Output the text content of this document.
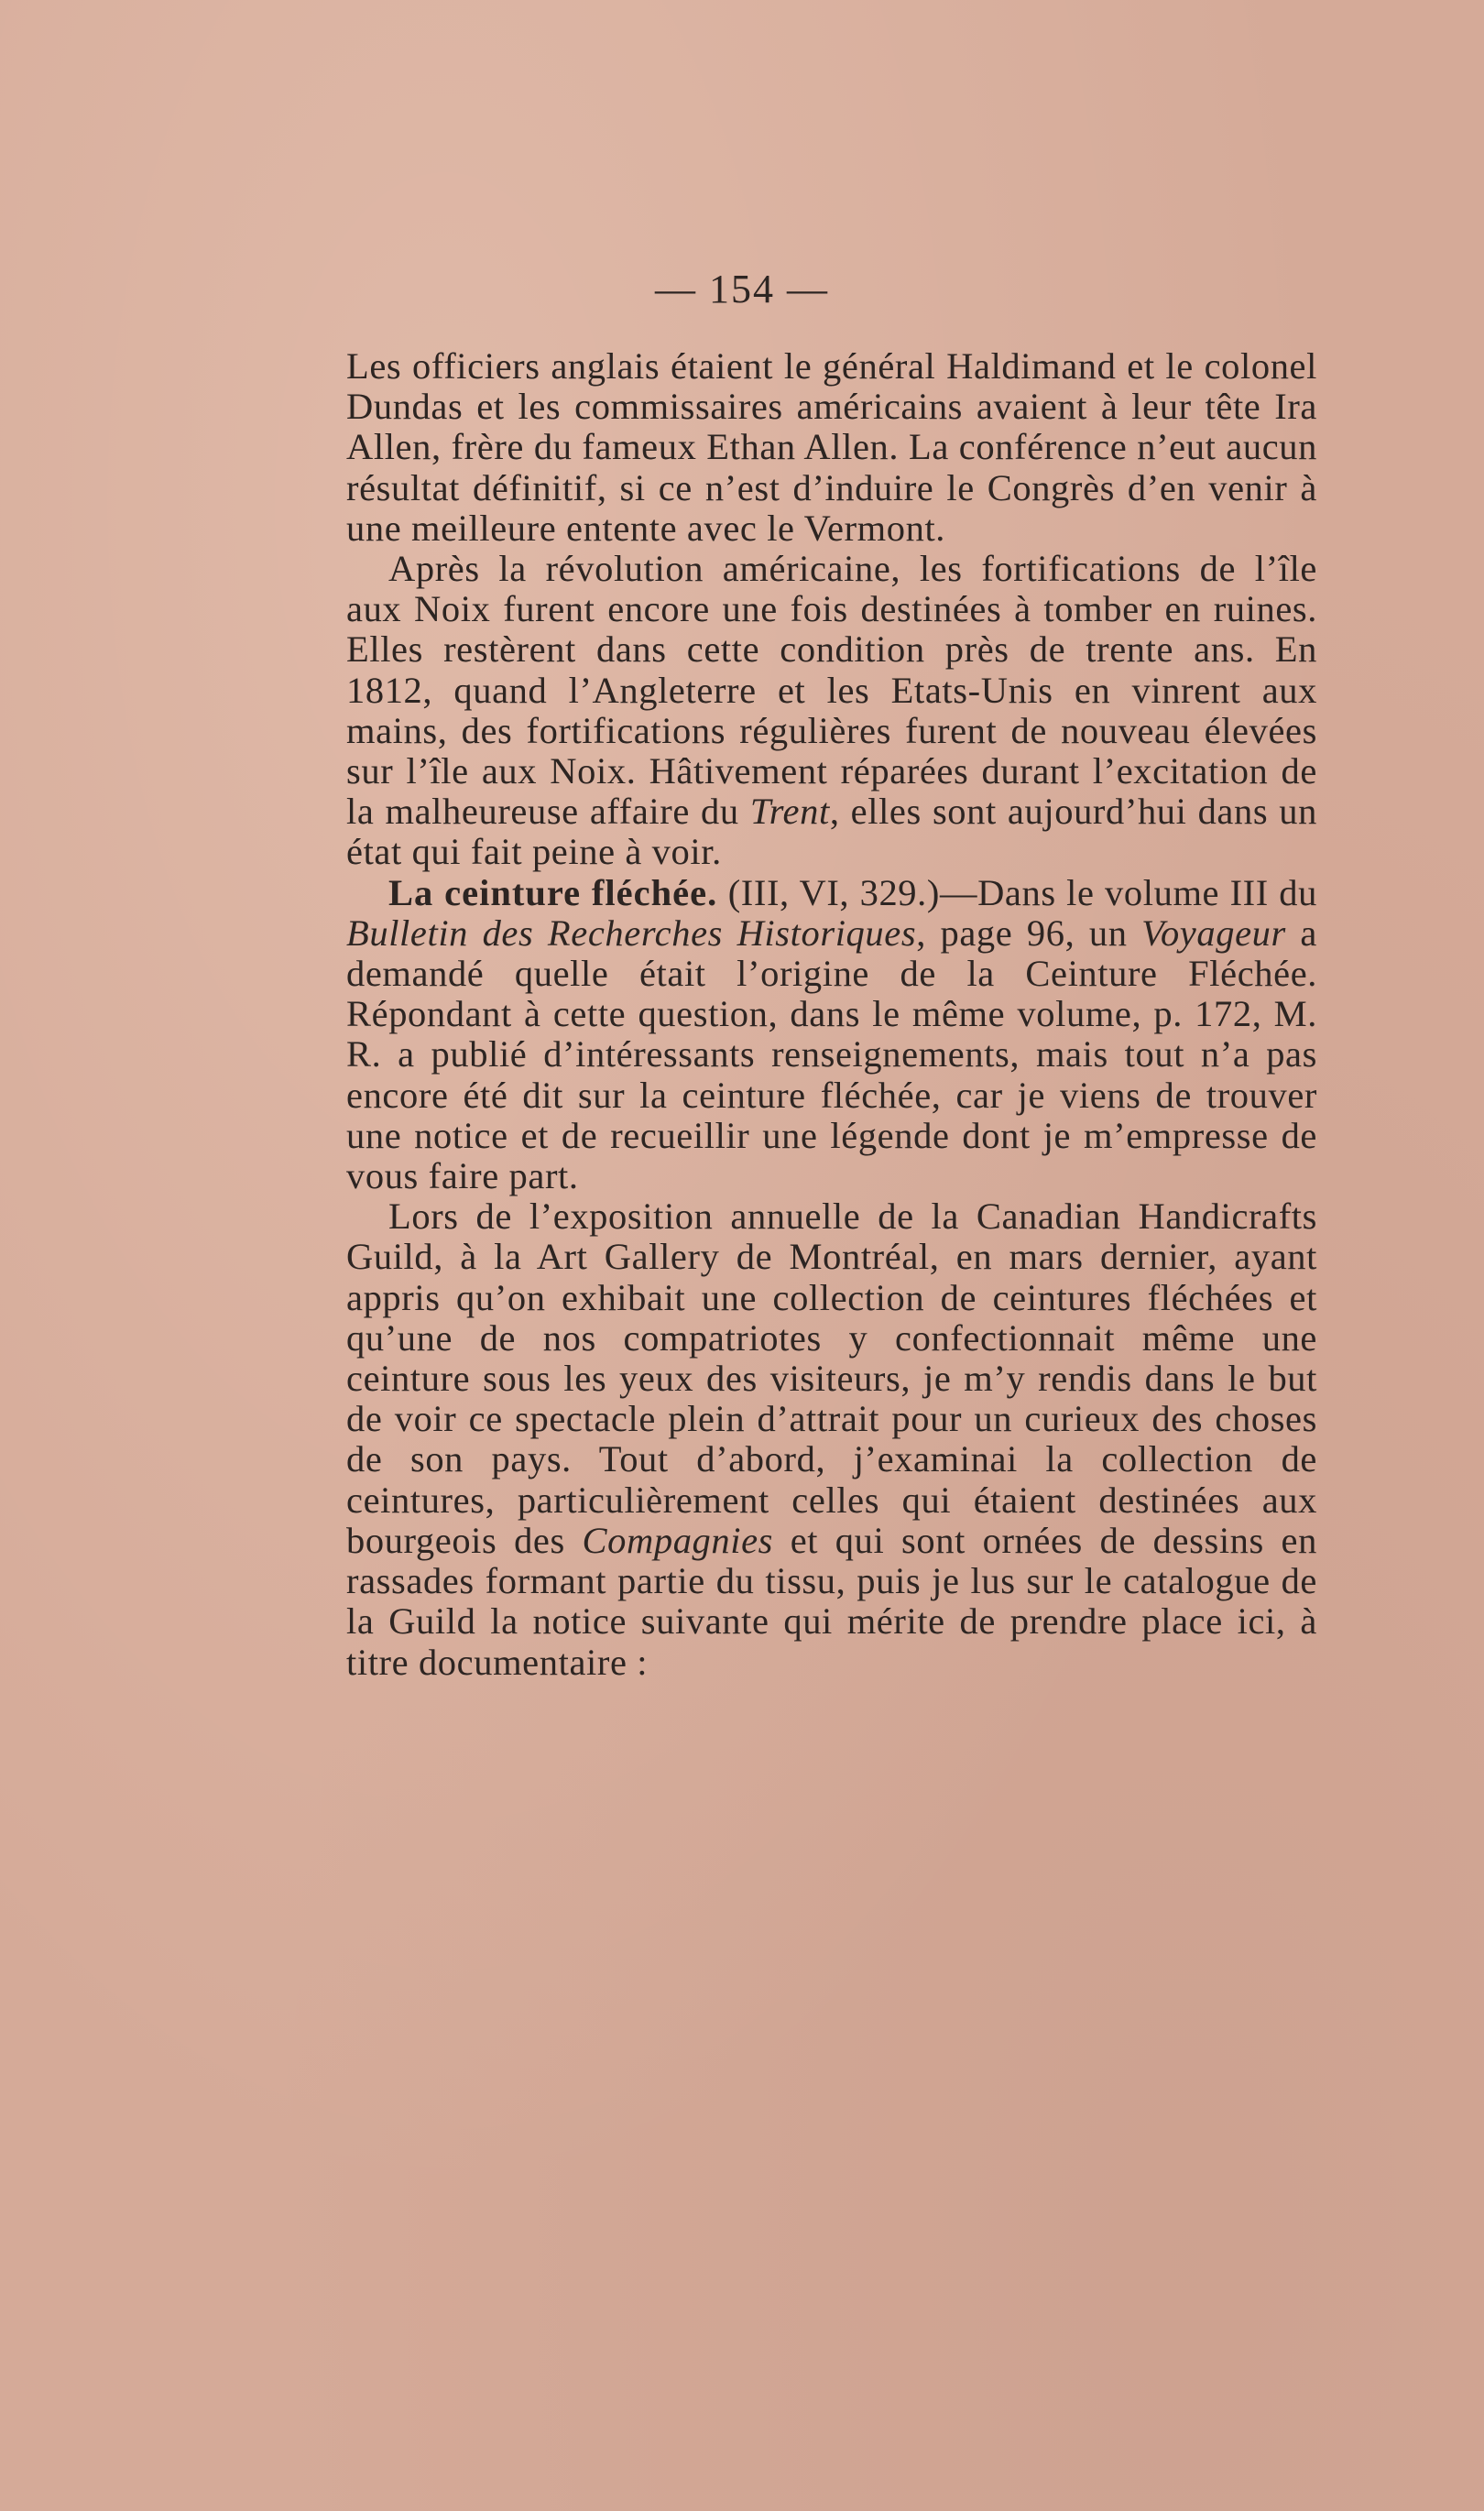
— 154 —

Les officiers anglais étaient le général Haldimand et le colonel Dundas et les commissaires américains avaient à leur tête Ira Allen, frère du fameux Ethan Allen. La conférence n’eut aucun résultat définitif, si ce n’est d’induire le Congrès d’en venir à une meilleure entente avec le Vermont.

Après la révolution américaine, les fortifications de l’île aux Noix furent encore une fois destinées à tomber en ruines. Elles restèrent dans cette condition près de trente ans. En 1812, quand l’Angleterre et les Etats-Unis en vinrent aux mains, des fortifications régulières furent de nouveau élevées sur l’île aux Noix. Hâtivement réparées durant l’excitation de la malheureuse affaire du Trent, elles sont aujourd’hui dans un état qui fait peine à voir.

La ceinture fléchée. (III, VI, 329.)—Dans le volume III du Bulletin des Recherches Historiques, page 96, un Voyageur a demandé quelle était l’origine de la Ceinture Fléchée. Répondant à cette question, dans le même volume, p. 172, M. R. a publié d’intéressants renseignements, mais tout n’a pas encore été dit sur la ceinture fléchée, car je viens de trouver une notice et de recueillir une légende dont je m’empresse de vous faire part.

Lors de l’exposition annuelle de la Canadian Handicrafts Guild, à la Art Gallery de Montréal, en mars dernier, ayant appris qu’on exhibait une collection de ceintures fléchées et qu’une de nos compatriotes y confectionnait même une ceinture sous les yeux des visiteurs, je m’y rendis dans le but de voir ce spectacle plein d’attrait pour un curieux des choses de son pays. Tout d’abord, j’examinai la collection de ceintures, particulièrement celles qui étaient destinées aux bourgeois des Compagnies et qui sont ornées de dessins en rassades formant partie du tissu, puis je lus sur le catalogue de la Guild la notice suivante qui mérite de prendre place ici, à titre documentaire :
